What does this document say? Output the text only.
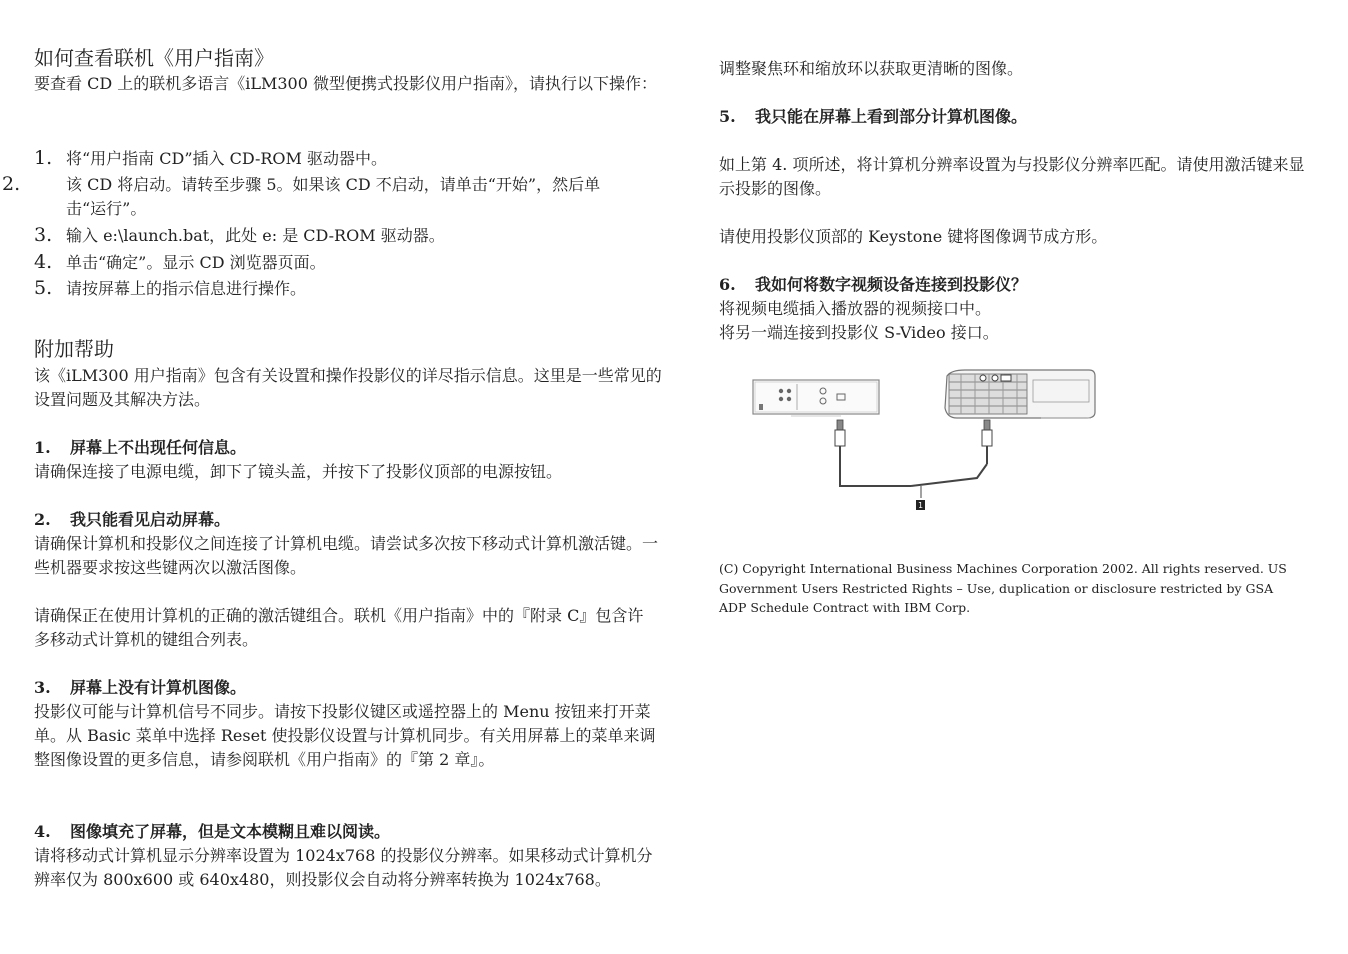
如何查看联机《用户指南》
要查看 CD 上的联机多语言《iLM300 微型便携式投影仪用户指南》，请执行以下操作：
1. 将“用户指南 CD”插入 CD-ROM 驱动器中。
2.	该 CD 将启动。请转至步骤 5。如果该 CD 不启动，请单击“开始”，然后单击“运行”。
3. 输入 e:\launch.bat，此处 e: 是 CD-ROM 驱动器。
4. 单击“确定”。显示 CD 浏览器页面。
5. 请按屏幕上的指示信息进行操作。
附加帮助
该《iLM300 用户指南》包含有关设置和操作投影仪的详尽指示信息。这里是一些常见的设置问题及其解决方法。
1. 屏幕上不出现任何信息。
请确保连接了电源电缆，卸下了镜头盖，并按下了投影仪顶部的电源按钮。
2. 我只能看见启动屏幕。
请确保计算机和投影仪之间连接了计算机电缆。请尝试多次按下移动式计算机激活键。一些机器要求按这些键两次以激活图像。
请确保正在使用计算机的正确的激活键组合。联机《用户指南》中的『附录 C』包含许多移动式计算机的键组合列表。
3. 屏幕上没有计算机图像。
投影仪可能与计算机信号不同步。请按下投影仪键区或遥控器上的 Menu 按钮来打开菜单。从 Basic 菜单中选择 Reset 使投影仪设置与计算机同步。有关用屏幕上的菜单来调整图像设置的更多信息，请参阅联机《用户指南》的『第 2 章』。
4. 图像填充了屏幕，但是文本模糊且难以阅读。
请将移动式计算机显示分辨率设置为 1024x768 的投影仪分辨率。如果移动式计算机分辨率仅为 800x600 或 640x480，则投影仪会自动将分辨率转换为 1024x768。
调整聚焦环和缩放环以获取更清晰的图像。
5. 我只能在屏幕上看到部分计算机图像。
如上第 4. 项所述，将计算机分辨率设置为与投影仪分辨率匹配。请使用激活键来显示投影的图像。
请使用投影仪顶部的 Keystone 键将图像调节成方形。
6. 我如何将数字视频设备连接到投影仪？
将视频电缆插入播放器的视频接口中。
将另一端连接到投影仪 S-Video 接口。
1
(C) Copyright International Business Machines Corporation 2002. All rights reserved. US Government Users Restricted Rights – Use, duplication or disclosure restricted by GSA ADP Schedule Contract with IBM Corp.
